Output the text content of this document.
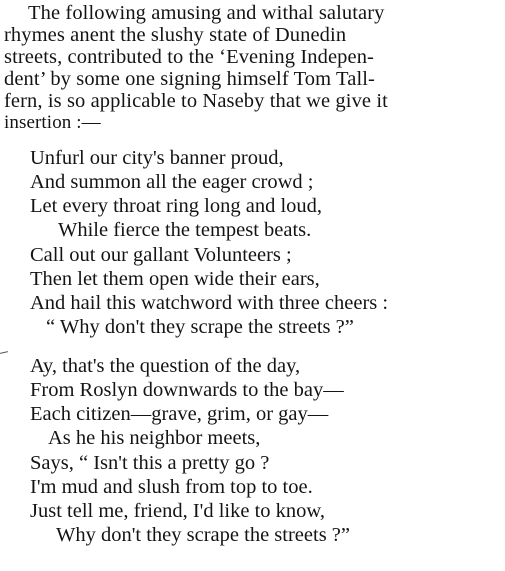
The following amusing and withal salutary
rhymes anent the slushy state of Dunedin
streets, contributed to the ‘Evening Indepen-
dent’ by some one signing himself Tom Tall-
fern, is so applicable to Naseby that we give it
insertion :—
Unfurl our city's banner proud,
And summon all the eager crowd ;
Let every throat ring long and loud,
While fierce the tempest beats.
Call out our gallant Volunteers ;
Then let them open wide their ears,
And hail this watchword with three cheers :
“ Why don't they scrape the streets ?”
Ay, that's the question of the day,
From Roslyn downwards to the bay—
Each citizen—grave, grim, or gay—
As he his neighbor meets,
Says, “ Isn't this a pretty go ?
I'm mud and slush from top to toe.
Just tell me, friend, I'd like to know,
Why don't they scrape the streets ?”
